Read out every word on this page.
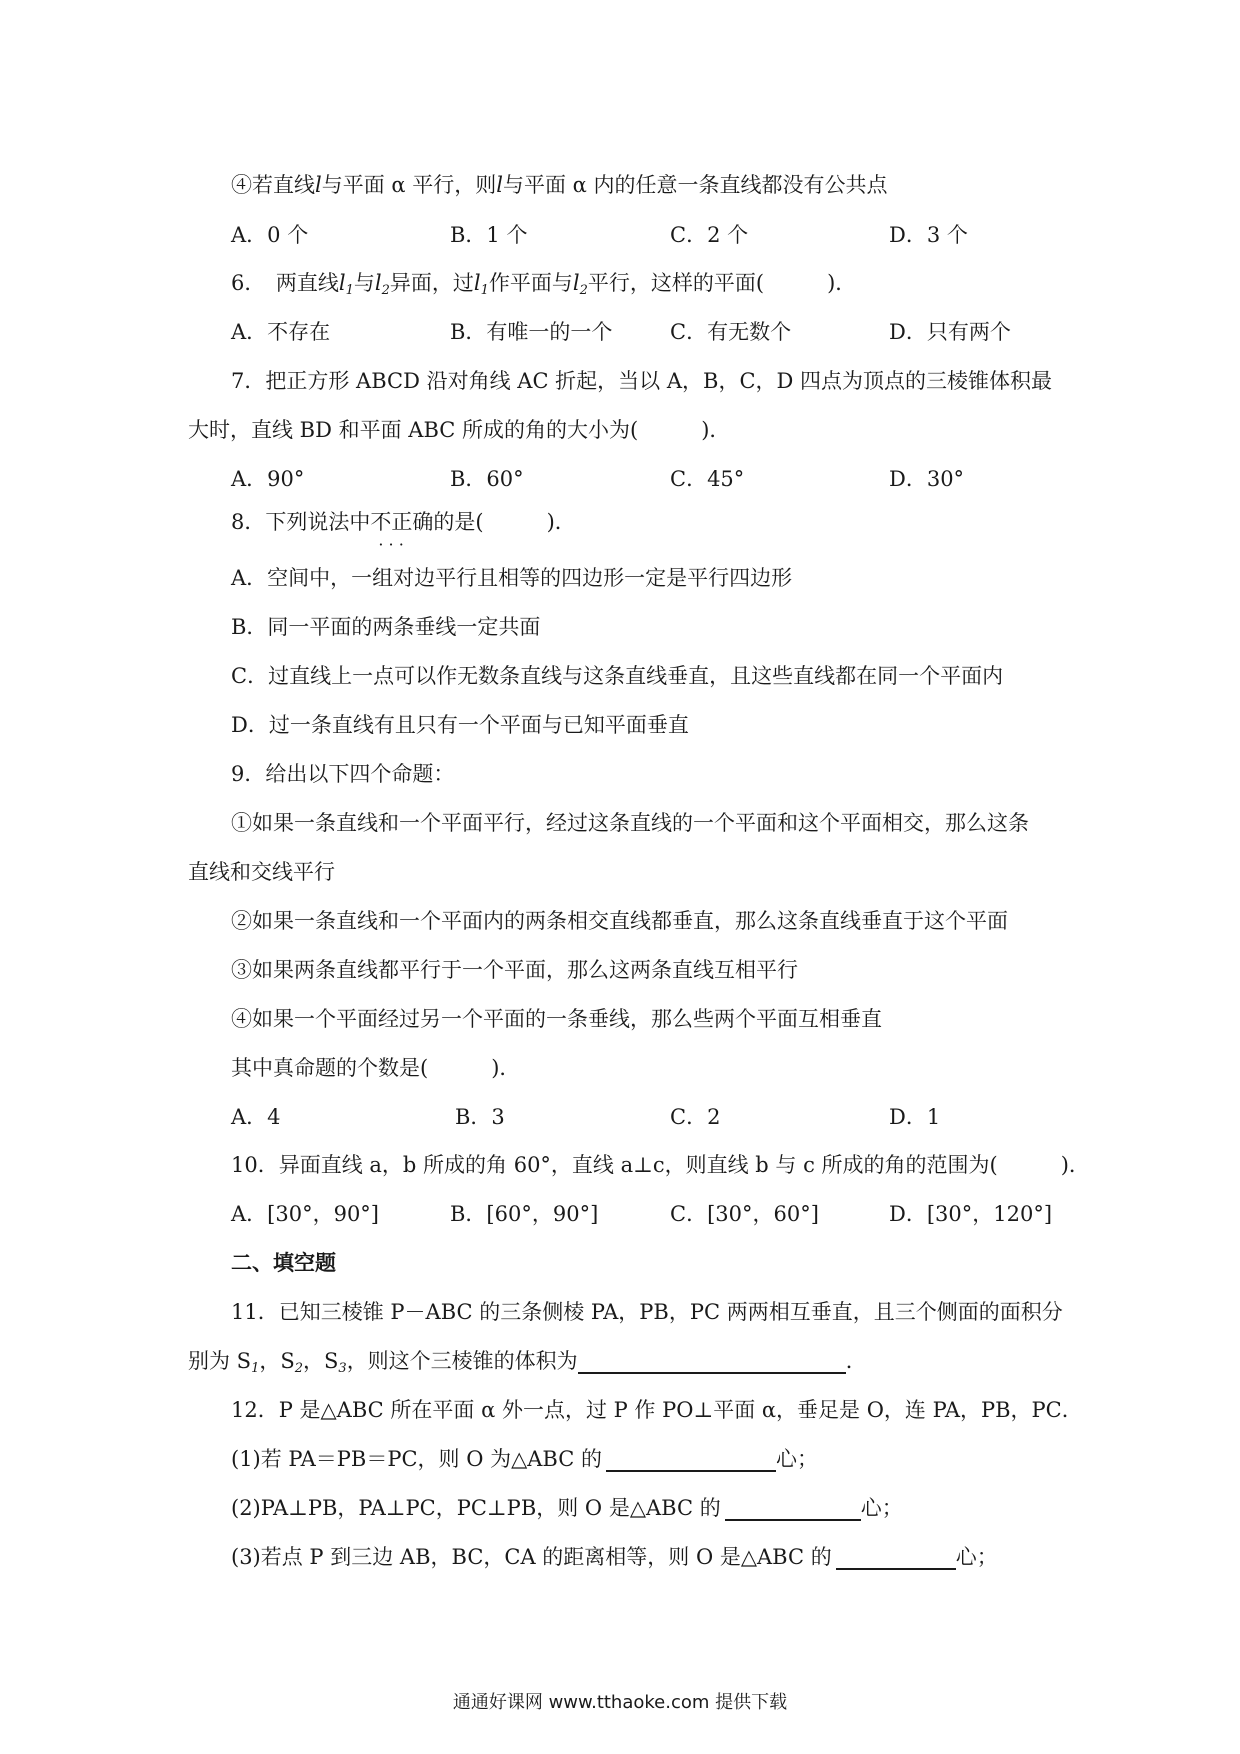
④若直线l与平面 α 平行，则l与平面 α 内的任意一条直线都没有公共点
A．0 个	B．1 个	C．2 个	D．3 个
6．　两直线$l_1$与$l_2$异面，过$l_1$作平面与$l_2$平行，这样的平面(　　　)．
A．不存在	B．有唯一的一个	C．有无数个	D．只有两个
7．把正方形 ABCD 沿对角线 AC 折起，当以 A，B，C，D 四点为顶点的三棱锥体积最
大时，直线 BD 和平面 ABC 所成的角的大小为(　　　)．
A．90°	B．60°	C．45°	D．30°
8．下列说法中不正确
· · ·
的是(　　　)．
A．空间中，一组对边平行且相等的四边形一定是平行四边形
B．同一平面的两条垂线一定共面
C．过直线上一点可以作无数条直线与这条直线垂直，且这些直线都在同一个平面内
D．过一条直线有且只有一个平面与已知平面垂直
9．给出以下四个命题：
①如果一条直线和一个平面平行，经过这条直线的一个平面和这个平面相交，那么这条
直线和交线平行
②如果一条直线和一个平面内的两条相交直线都垂直，那么这条直线垂直于这个平面
③如果两条直线都平行于一个平面，那么这两条直线互相平行
④如果一个平面经过另一个平面的一条垂线，那么些两个平面互相垂直
其中真命题的个数是(　　　)．
A．4	B．3	C．2	D．1
10．异面直线 a，b 所成的角 60°，直线 a⊥c，则直线 b 与 c 所成的角的范围为(　　　)．
A．[30°，90°]	B．[60°，90°]	C．[30°，60°]	D．[30°，120°]
二、填空题
11．已知三棱锥 P－ABC 的三条侧棱 PA，PB，PC 两两相互垂直，且三个侧面的面积分
别为 $S_1$，$S_2$，$S_3$，则这个三棱锥的体积为	．
12．P 是△ABC 所在平面 α 外一点，过 P 作 PO⊥平面 α，垂足是 O，连 PA，PB，PC．
(1)若 PA＝PB＝PC，则 O 为△ABC 的	心；
(2)PA⊥PB，PA⊥PC，PC⊥PB，则 O 是△ABC 的	心；
(3)若点 P 到三边 AB，BC，CA 的距离相等，则 O 是△ABC 的	心；
通通好课网 www.tthaoke.com 提供下载
